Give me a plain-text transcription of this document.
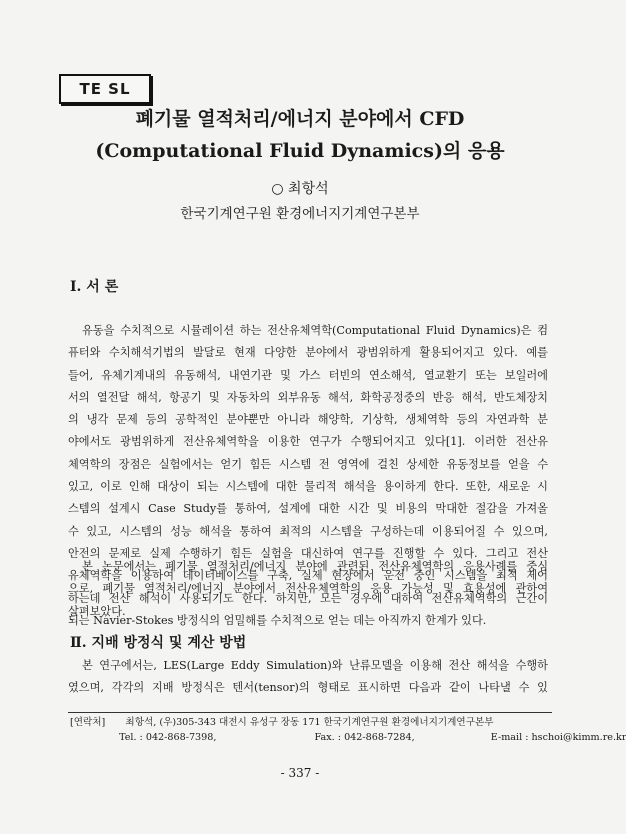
TE SL
폐기물 열적처리/에너지 분야에서 CFD
(Computational Fluid Dynamics)의 응용
○ 최항석
한국기계연구원 환경에너지기계연구본부
Ⅰ. 서 론
유동을 수치적으로 시뮬레이션 하는 전산유체역학(Computational Fluid Dynamics)은 컴
퓨터와 수치해석기법의 발달로 현재 다양한 분야에서 광범위하게 활용되어지고 있다. 예를
들어, 유체기계내의 유동해석, 내연기관 및 가스 터빈의 연소해석, 열교환기 또는 보일러에
서의 열전달 해석, 항공기 및 자동차의 외부유동 해석, 화학공정중의 반응 해석, 반도체장치
의 냉각 문제 등의 공학적인 분야뿐만 아니라 해양학, 기상학, 생체역학 등의 자연과학 분
야에서도 광범위하게 전산유체역학을 이용한 연구가 수행되어지고 있다[1]. 이러한 전산유
체역학의 장점은 실험에서는 얻기 힘든 시스템 전 영역에 걸친 상세한 유동정보를 얻을 수
있고, 이로 인해 대상이 되는 시스템에 대한 물리적 해석을 용이하게 한다. 또한, 새로운 시
스템의 설계시 Case Study를 통하여, 설계에 대한 시간 및 비용의 막대한 절감을 가져올
수 있고, 시스템의 성능 해석을 통하여 최적의 시스템을 구성하는데 이용되어질 수 있으며,
안전의 문제로 실제 수행하기 힘든 실험을 대신하여 연구를 진행할 수 있다. 그리고 전산
유체역학을 이용하여 데이터베이스를 구축, 실제 현장에서 운전 중인 시스템을 최적 제어
하는데 전산 해석이 사용되기도 한다. 하지만, 모든 경우에 대하여 전산유체역학의 근간이
되는 Navier-Stokes 방정식의 엄밀해를 수치적으로 얻는 데는 아직까지 한계가 있다.
Ⅱ. 지배 방정식 및 계산 방법
본 연구에서는, LES(Large Eddy Simulation)와 난류모델을 이용해 전산 해석을 수행하
였으며, 각각의 지배 방정식은 텐서(tensor)의 형태로 표시하면 다음과 같이 나타낼 수 있
[연락처] 최항석, (우)305-343 대전시 유성구 장동 171 한국기계연구원 환경에너지기계연구본부
Tel. : 042-868-7398,	Fax. : 042-868-7284,	E-mail : hschoi@kimm.re.kr
- 337 -
본 논문에서는 폐기물 열적처리/에너지 분야에 관련된 전산유체역학의 응용사례를 중심
으로, 폐기물 열적처리/에너지 분야에서 전산유체역학의 응용 가능성 및 효용성에 관하여
살펴보았다.
